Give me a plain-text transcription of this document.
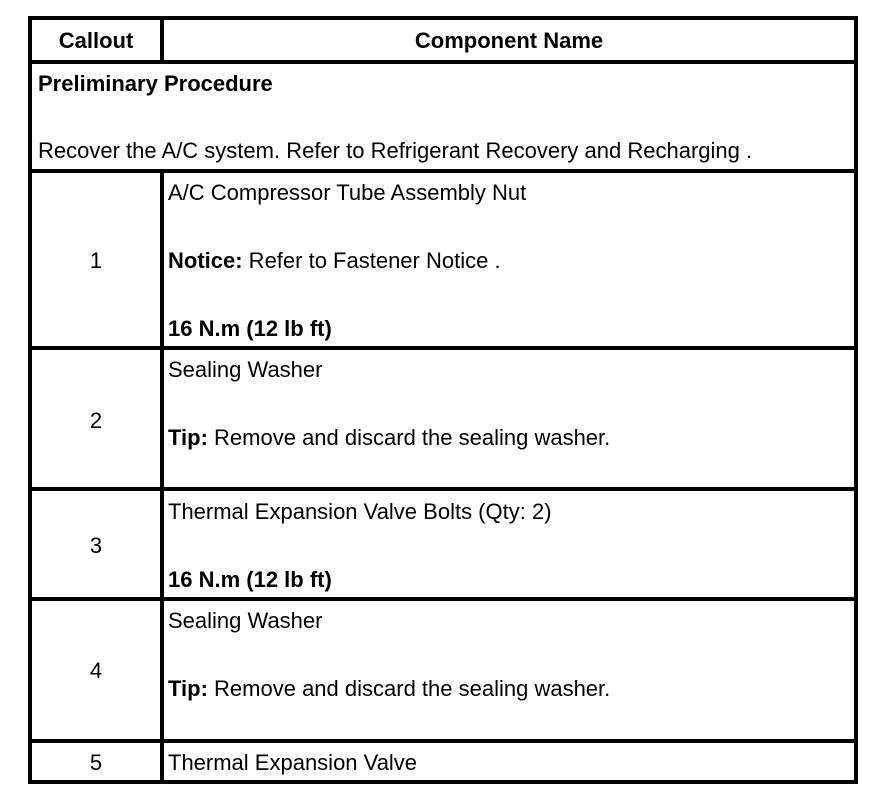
Callout	Component Name
Preliminary Procedure
Recover the A/C system. Refer to Refrigerant Recovery and Recharging .
1
A/C Compressor Tube Assembly Nut
Notice: Refer to Fastener Notice .
16 N.m (12 lb ft)
2
Sealing Washer
Tip: Remove and discard the sealing washer.
3
Thermal Expansion Valve Bolts (Qty: 2)
16 N.m (12 lb ft)
4
Sealing Washer
Tip: Remove and discard the sealing washer.
5	Thermal Expansion Valve
